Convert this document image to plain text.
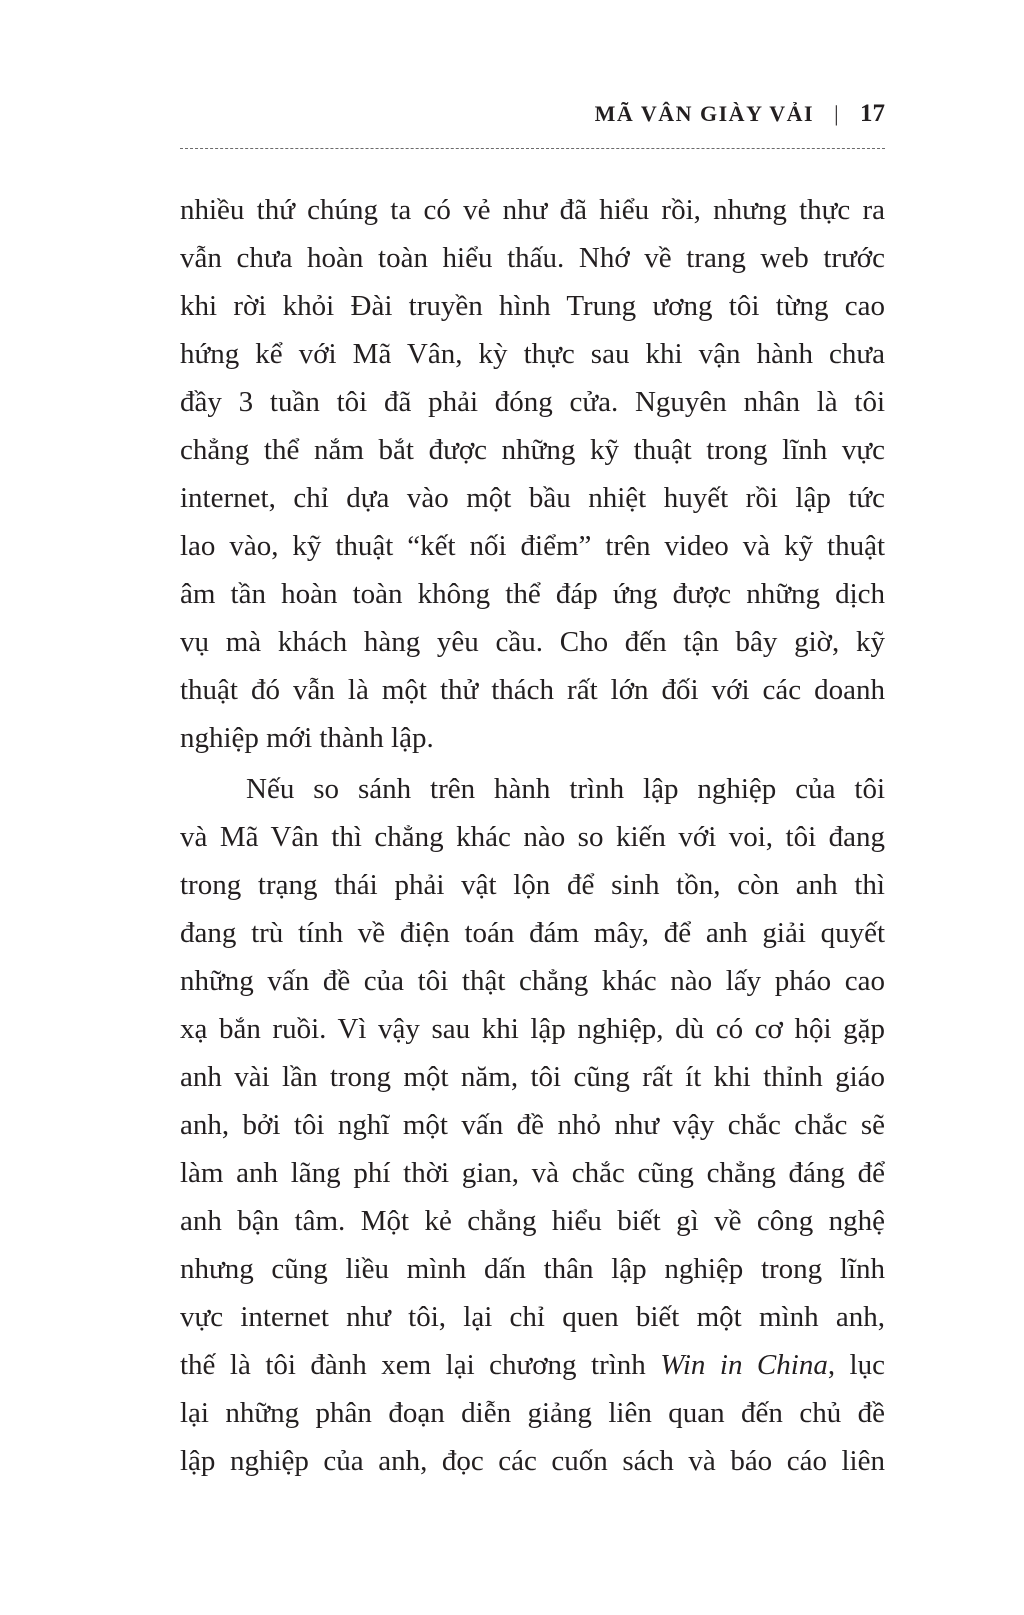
MÃ VÂN GIÀY VẢI | 17
nhiều thứ chúng ta có vẻ như đã hiểu rồi, nhưng thực ra
vẫn chưa hoàn toàn hiểu thấu. Nhớ về trang web trước
khi rời khỏi Đài truyền hình Trung ương tôi từng cao
hứng kể với Mã Vân, kỳ thực sau khi vận hành chưa
đầy 3 tuần tôi đã phải đóng cửa. Nguyên nhân là tôi
chẳng thể nắm bắt được những kỹ thuật trong lĩnh vực
internet, chỉ dựa vào một bầu nhiệt huyết rồi lập tức
lao vào, kỹ thuật “kết nối điểm” trên video và kỹ thuật
âm tần hoàn toàn không thể đáp ứng được những dịch
vụ mà khách hàng yêu cầu. Cho đến tận bây giờ, kỹ
thuật đó vẫn là một thử thách rất lớn đối với các doanh
nghiệp mới thành lập.
Nếu so sánh trên hành trình lập nghiệp của tôi
và Mã Vân thì chẳng khác nào so kiến với voi, tôi đang
trong trạng thái phải vật lộn để sinh tồn, còn anh thì
đang trù tính về điện toán đám mây, để anh giải quyết
những vấn đề của tôi thật chẳng khác nào lấy pháo cao
xạ bắn ruồi. Vì vậy sau khi lập nghiệp, dù có cơ hội gặp
anh vài lần trong một năm, tôi cũng rất ít khi thỉnh giáo
anh, bởi tôi nghĩ một vấn đề nhỏ như vậy chắc chắc sẽ
làm anh lãng phí thời gian, và chắc cũng chẳng đáng để
anh bận tâm. Một kẻ chẳng hiểu biết gì về công nghệ
nhưng cũng liều mình dấn thân lập nghiệp trong lĩnh
vực internet như tôi, lại chỉ quen biết một mình anh,
thế là tôi đành xem lại chương trình Win in China, lục
lại những phân đoạn diễn giảng liên quan đến chủ đề
lập nghiệp của anh, đọc các cuốn sách và báo cáo liên
